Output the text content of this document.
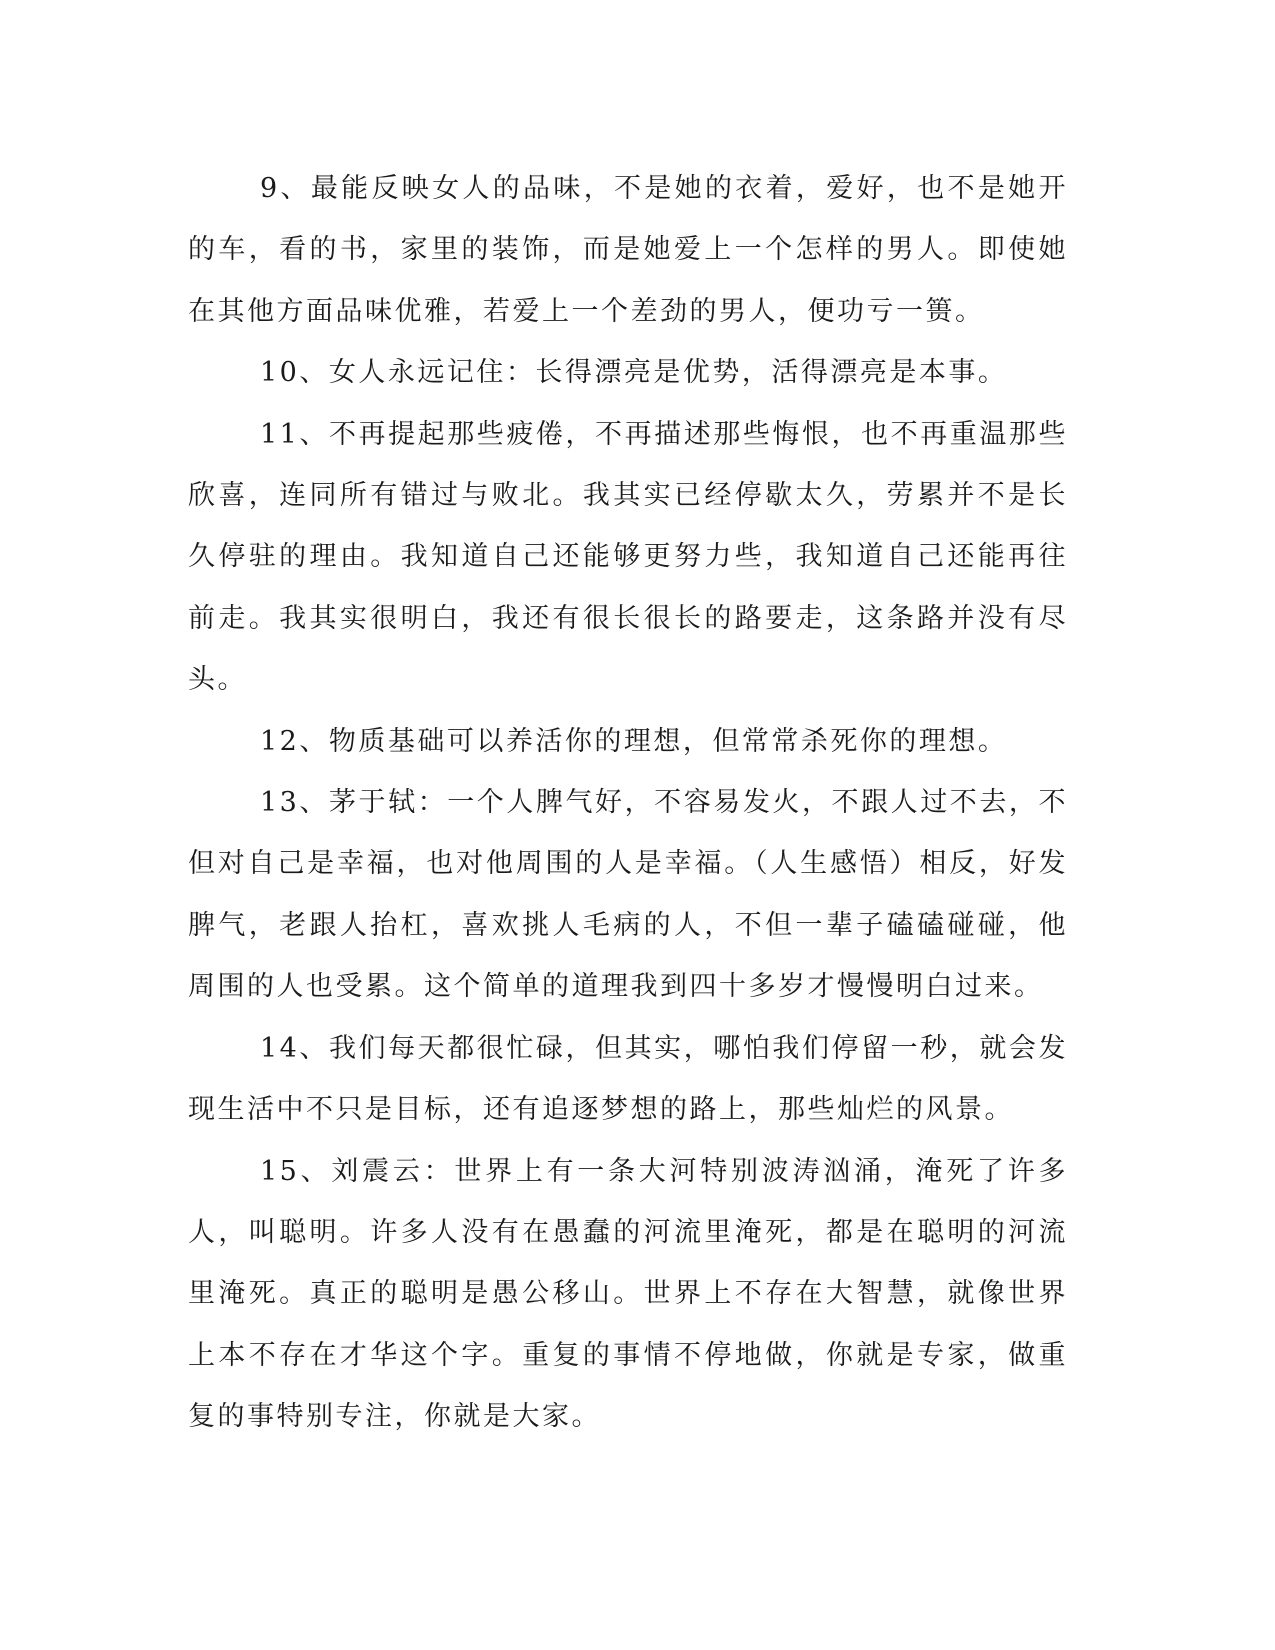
9、最能反映女人的品味，不是她的衣着，爱好，也不是她开的车，看的书，家里的装饰，而是她爱上一个怎样的男人。即使她在其他方面品味优雅，若爱上一个差劲的男人，便功亏一篑。

10、女人永远记住：长得漂亮是优势，活得漂亮是本事。

11、不再提起那些疲倦，不再描述那些悔恨，也不再重温那些欣喜，连同所有错过与败北。我其实已经停歇太久，劳累并不是长久停驻的理由。我知道自己还能够更努力些，我知道自己还能再往前走。我其实很明白，我还有很长很长的路要走，这条路并没有尽头。

12、物质基础可以养活你的理想，但常常杀死你的理想。

13、茅于轼：一个人脾气好，不容易发火，不跟人过不去，不但对自己是幸福，也对他周围的人是幸福。（人生感悟）相反，好发脾气，老跟人抬杠，喜欢挑人毛病的人，不但一辈子磕磕碰碰，他周围的人也受累。这个简单的道理我到四十多岁才慢慢明白过来。

14、我们每天都很忙碌，但其实，哪怕我们停留一秒，就会发现生活中不只是目标，还有追逐梦想的路上，那些灿烂的风景。

15、刘震云：世界上有一条大河特别波涛汹涌，淹死了许多人，叫聪明。许多人没有在愚蠢的河流里淹死，都是在聪明的河流里淹死。真正的聪明是愚公移山。世界上不存在大智慧，就像世界上本不存在才华这个字。重复的事情不停地做，你就是专家，做重复的事特别专注，你就是大家。
